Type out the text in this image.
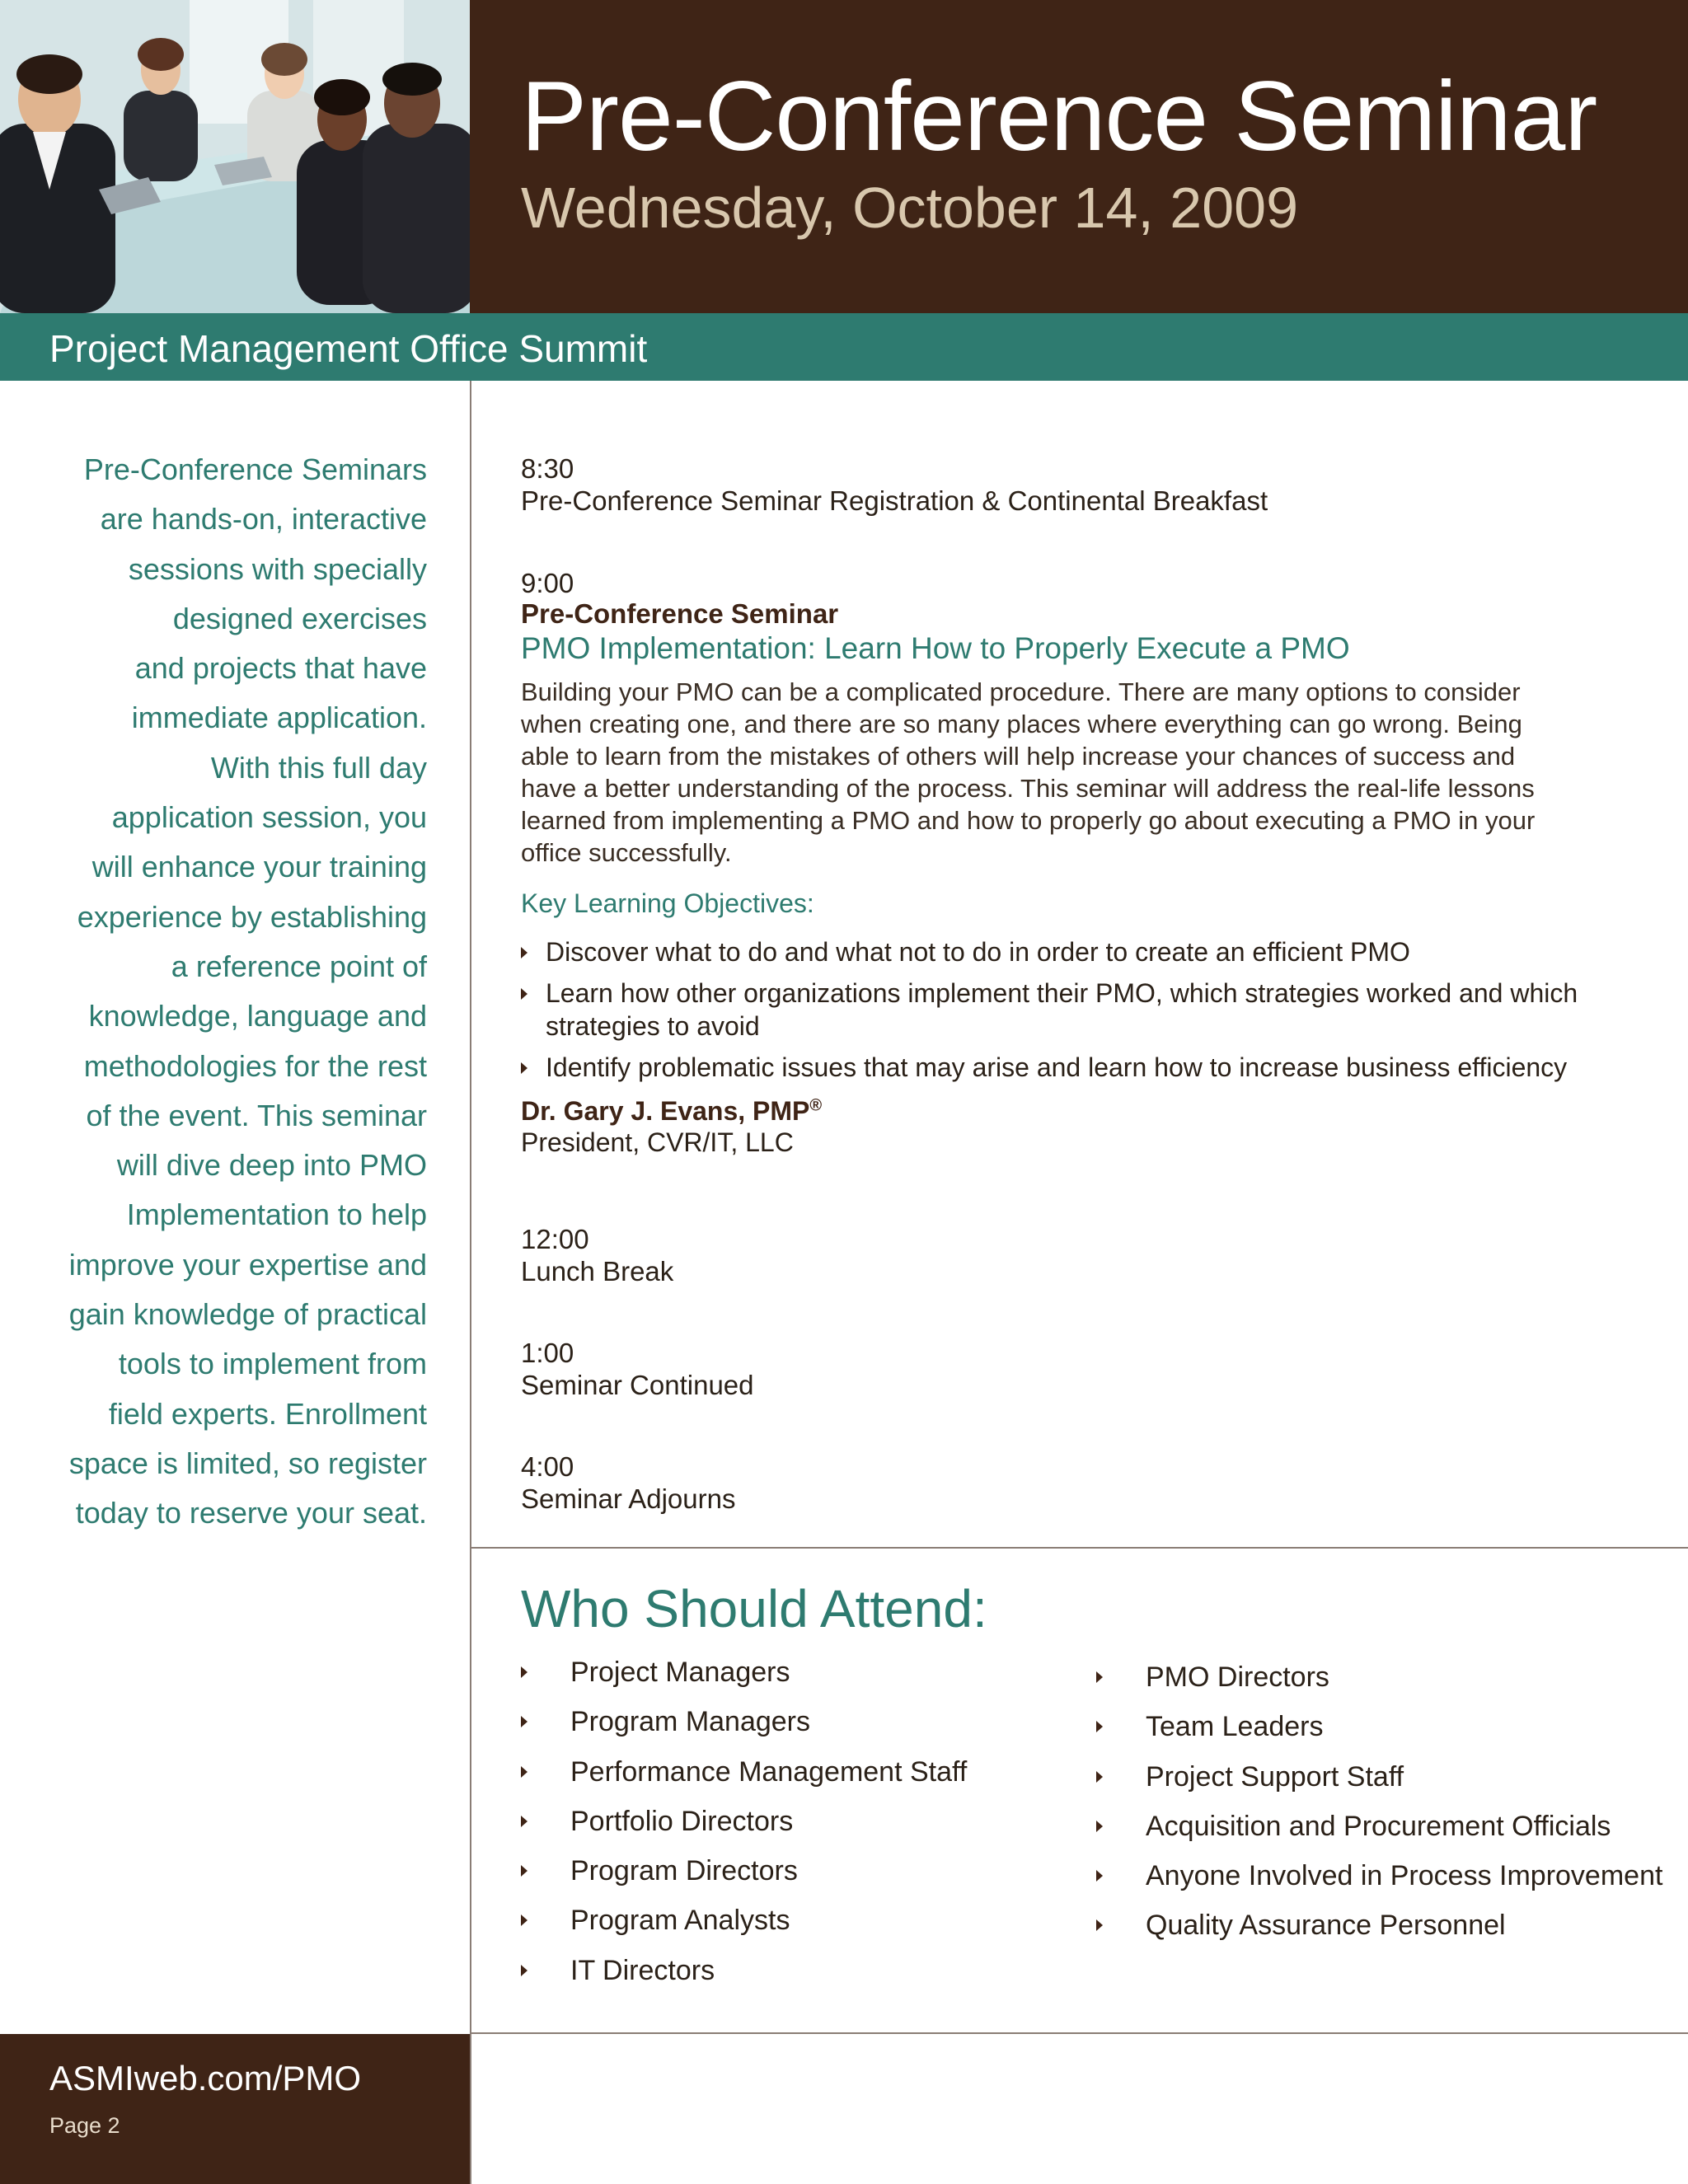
Pre-Conference Seminar
Wednesday, October 14, 2009
Project Management Office Summit
Pre-Conference Seminars
are hands-on, interactive
sessions with specially
designed exercises
and projects that have
immediate application.
With this full day
application session, you
will enhance your training
experience by establishing
a reference point of
knowledge, language and
methodologies for the rest
of the event. This seminar
will dive deep into PMO
Implementation to help
improve your expertise and
gain knowledge of practical
tools to implement from
field experts. Enrollment
space is limited, so register
today to reserve your seat.
8:30
Pre-Conference Seminar Registration & Continental Breakfast
9:00
Pre-Conference Seminar
PMO Implementation: Learn How to Properly Execute a PMO
Building your PMO can be a complicated procedure. There are many options to consider
when creating one, and there are so many places where everything can go wrong. Being
able to learn from the mistakes of others will help increase your chances of success and
have a better understanding of the process. This seminar will address the real-life lessons
learned from implementing a PMO and how to properly go about executing a PMO in your
office successfully.
Key Learning Objectives:
Discover what to do and what not to do in order to create an efficient PMO
Learn how other organizations implement their PMO, which strategies worked and which
strategies to avoid
Identify problematic issues that may arise and learn how to increase business efficiency
Dr. Gary J. Evans, PMP®
President, CVR/IT, LLC
12:00
Lunch Break
1:00
Seminar Continued
4:00
Seminar Adjourns
Who Should Attend:
Project Managers
Program Managers
Performance Management Staff
Portfolio Directors
Program Directors
Program Analysts
IT Directors
PMO Directors
Team Leaders
Project Support Staff
Acquisition and Procurement Officials
Anyone Involved in Process Improvement
Quality Assurance Personnel
ASMIweb.com/PMO
Page 2
